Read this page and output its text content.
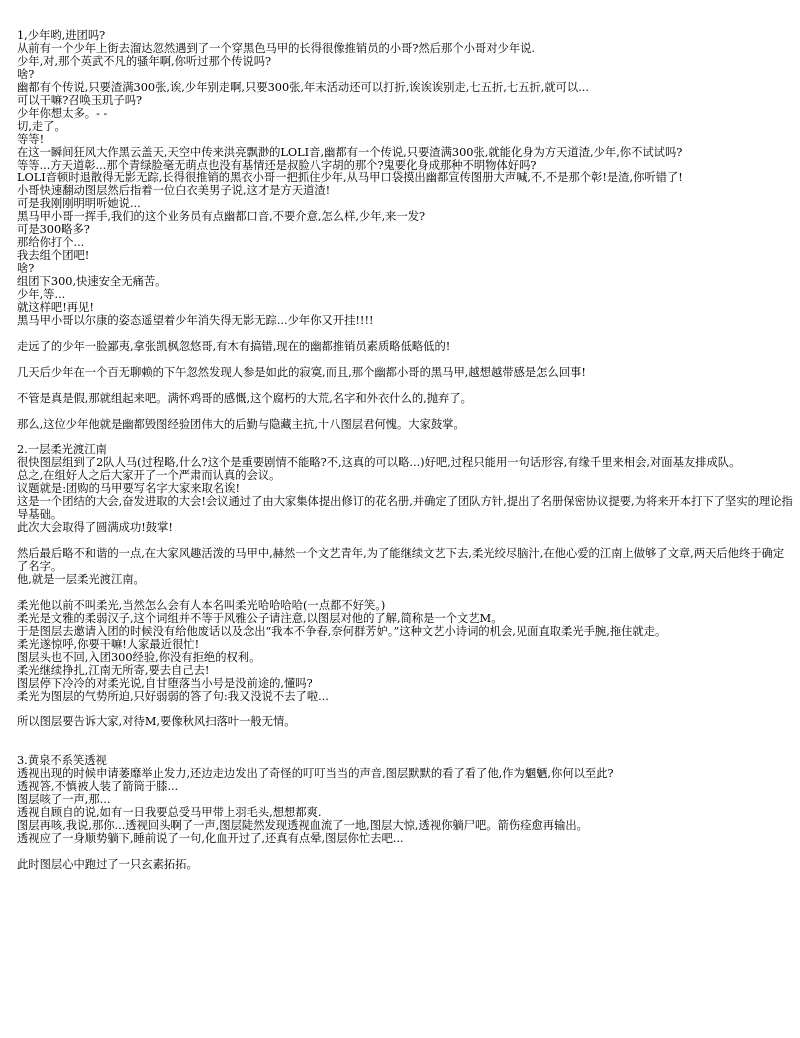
1,少年哟,进团吗?
从前有一个少年上街去溜达忽然遇到了一个穿黑色马甲的长得很像推销员的小哥?然后那个小哥对少年说.
少年,对,那个英武不凡的骚年啊,你听过那个传说吗?
啥?
幽都有个传说,只要渣满300张,诶,少年别走啊,只要300张,年末活动还可以打折,诶诶诶别走,七五折,七五折,就可以...
可以干嘛?召唤玉玑子吗?
少年你想太多。- -
切,走了。
等等!
在这一瞬间狂风大作黑云盖天,天空中传来洪亮飘渺的LOLI音,幽都有一个传说,只要渣满300张,就能化身为方天道渣,少年,你不试试吗?
等等...方天道彰...那个青绿脸毫无萌点也没有基情还是叔脸八字胡的那个?鬼要化身成那种不明物体好吗?
LOLI音顿时退散得无影无踪,长得很推销的黑衣小哥一把抓住少年,从马甲口袋摸出幽都宣传图册大声喊,不,不是那个彰!是渣,你听错了!
小哥快速翻动图层然后指着一位白衣美男子说,这才是方天道渣!
可是我刚刚明明听她说...
黑马甲小哥一挥手,我们的这个业务员有点幽都口音,不要介意,怎么样,少年,来一发?
可是300略多?
那给你打个...
我去组个团吧!
啥?
组团下300,快速安全无痛苦。
少年,等...
就这样吧!再见!
黑马甲小哥以尔康的姿态遥望着少年消失得无影无踪...少年你又开挂!!!!
走远了的少年一脸鄙夷,拿张凯枫忽悠哥,有木有搞错,现在的幽都推销员素质略低略低的!
几天后少年在一个百无聊赖的下午忽然发现人参是如此的寂寞,而且,那个幽都小哥的黑马甲,越想越带感是怎么回事!
不管是真是假,那就组起来吧。满怀鸡哥的感慨,这个腐朽的大荒,名字和外衣什么的,抛弃了。
那么,这位少年他就是幽都毁图经验团伟大的后勤与隐藏主抗,十八图层君何愧。大家鼓掌。
2.一层柔光渡江南
很快图层组到了2队人马(过程略,什么?这个是重要剧情不能略?不,这真的可以略...)好吧,过程只能用一句话形容,有缘千里来相会,对面基友排成队。
总之,在组好人之后大家开了一个严肃而认真的会议。
议题就是:团购的马甲要写名字大家来取名诶!
这是一个团结的大会,奋发进取的大会!会议通过了由大家集体提出修订的花名册,并确定了团队方针,提出了名册保密协议提要,为将来开本打下了坚实的理论指导基础。
此次大会取得了圆满成功!鼓掌!
然后最后略不和谐的一点,在大家风趣活泼的马甲中,赫然一个文艺青年,为了能继续文艺下去,柔光绞尽脑汁,在他心爱的江南上做够了文章,两天后他终于确定了名字。
他,就是一层柔光渡江南。
柔光他以前不叫柔光,当然怎么会有人本名叫柔光哈哈哈哈(一点都不好笑。)
柔光是文雅的柔弱汉子,这个词组并不等于风雅公子请注意,以图层对他的了解,简称是一个文艺M。
于是图层去邀请入团的时候没有给他废话以及念出“我本不争春,奈何群芳妒。”这种文艺小诗词的机会,见面直取柔光手腕,拖住就走。
柔光遂惊呼,你要干嘛!人家最近很忙!
图层头也不回,入团300经验,你没有拒绝的权利。
柔光继续挣扎,江南无所寄,要去自己去!
图层停下冷冷的对柔光说,自甘堕落当小号是没前途的,懂吗?
柔光为图层的气势所迫,只好弱弱的答了句:我又没说不去了啦...
所以图层要告诉大家,对待M,要像秋风扫落叶一般无情。
3.黄泉不系笑透视
透视出现的时候申请萎靡举止发力,还边走边发出了奇怪的叮叮当当的声音,图层默默的看了看了他,作为魍魉,你何以至此?
透视答,不慎被人装了箭筒于膝...
图层咳了一声,那...
透视自顾自的说,如有一日我要总受马甲带上羽毛头,想想都爽.
图层再咳,我说,那你...透视回头啊了一声,图层陡然发现透视血流了一地,图层大惊,透视你躺尸吧。箭伤痊愈再输出。
透视应了一身顺势躺下,睡前说了一句,化血开过了,还真有点晕,图层你忙去吧...
此时图层心中跑过了一只玄素拓拓。
